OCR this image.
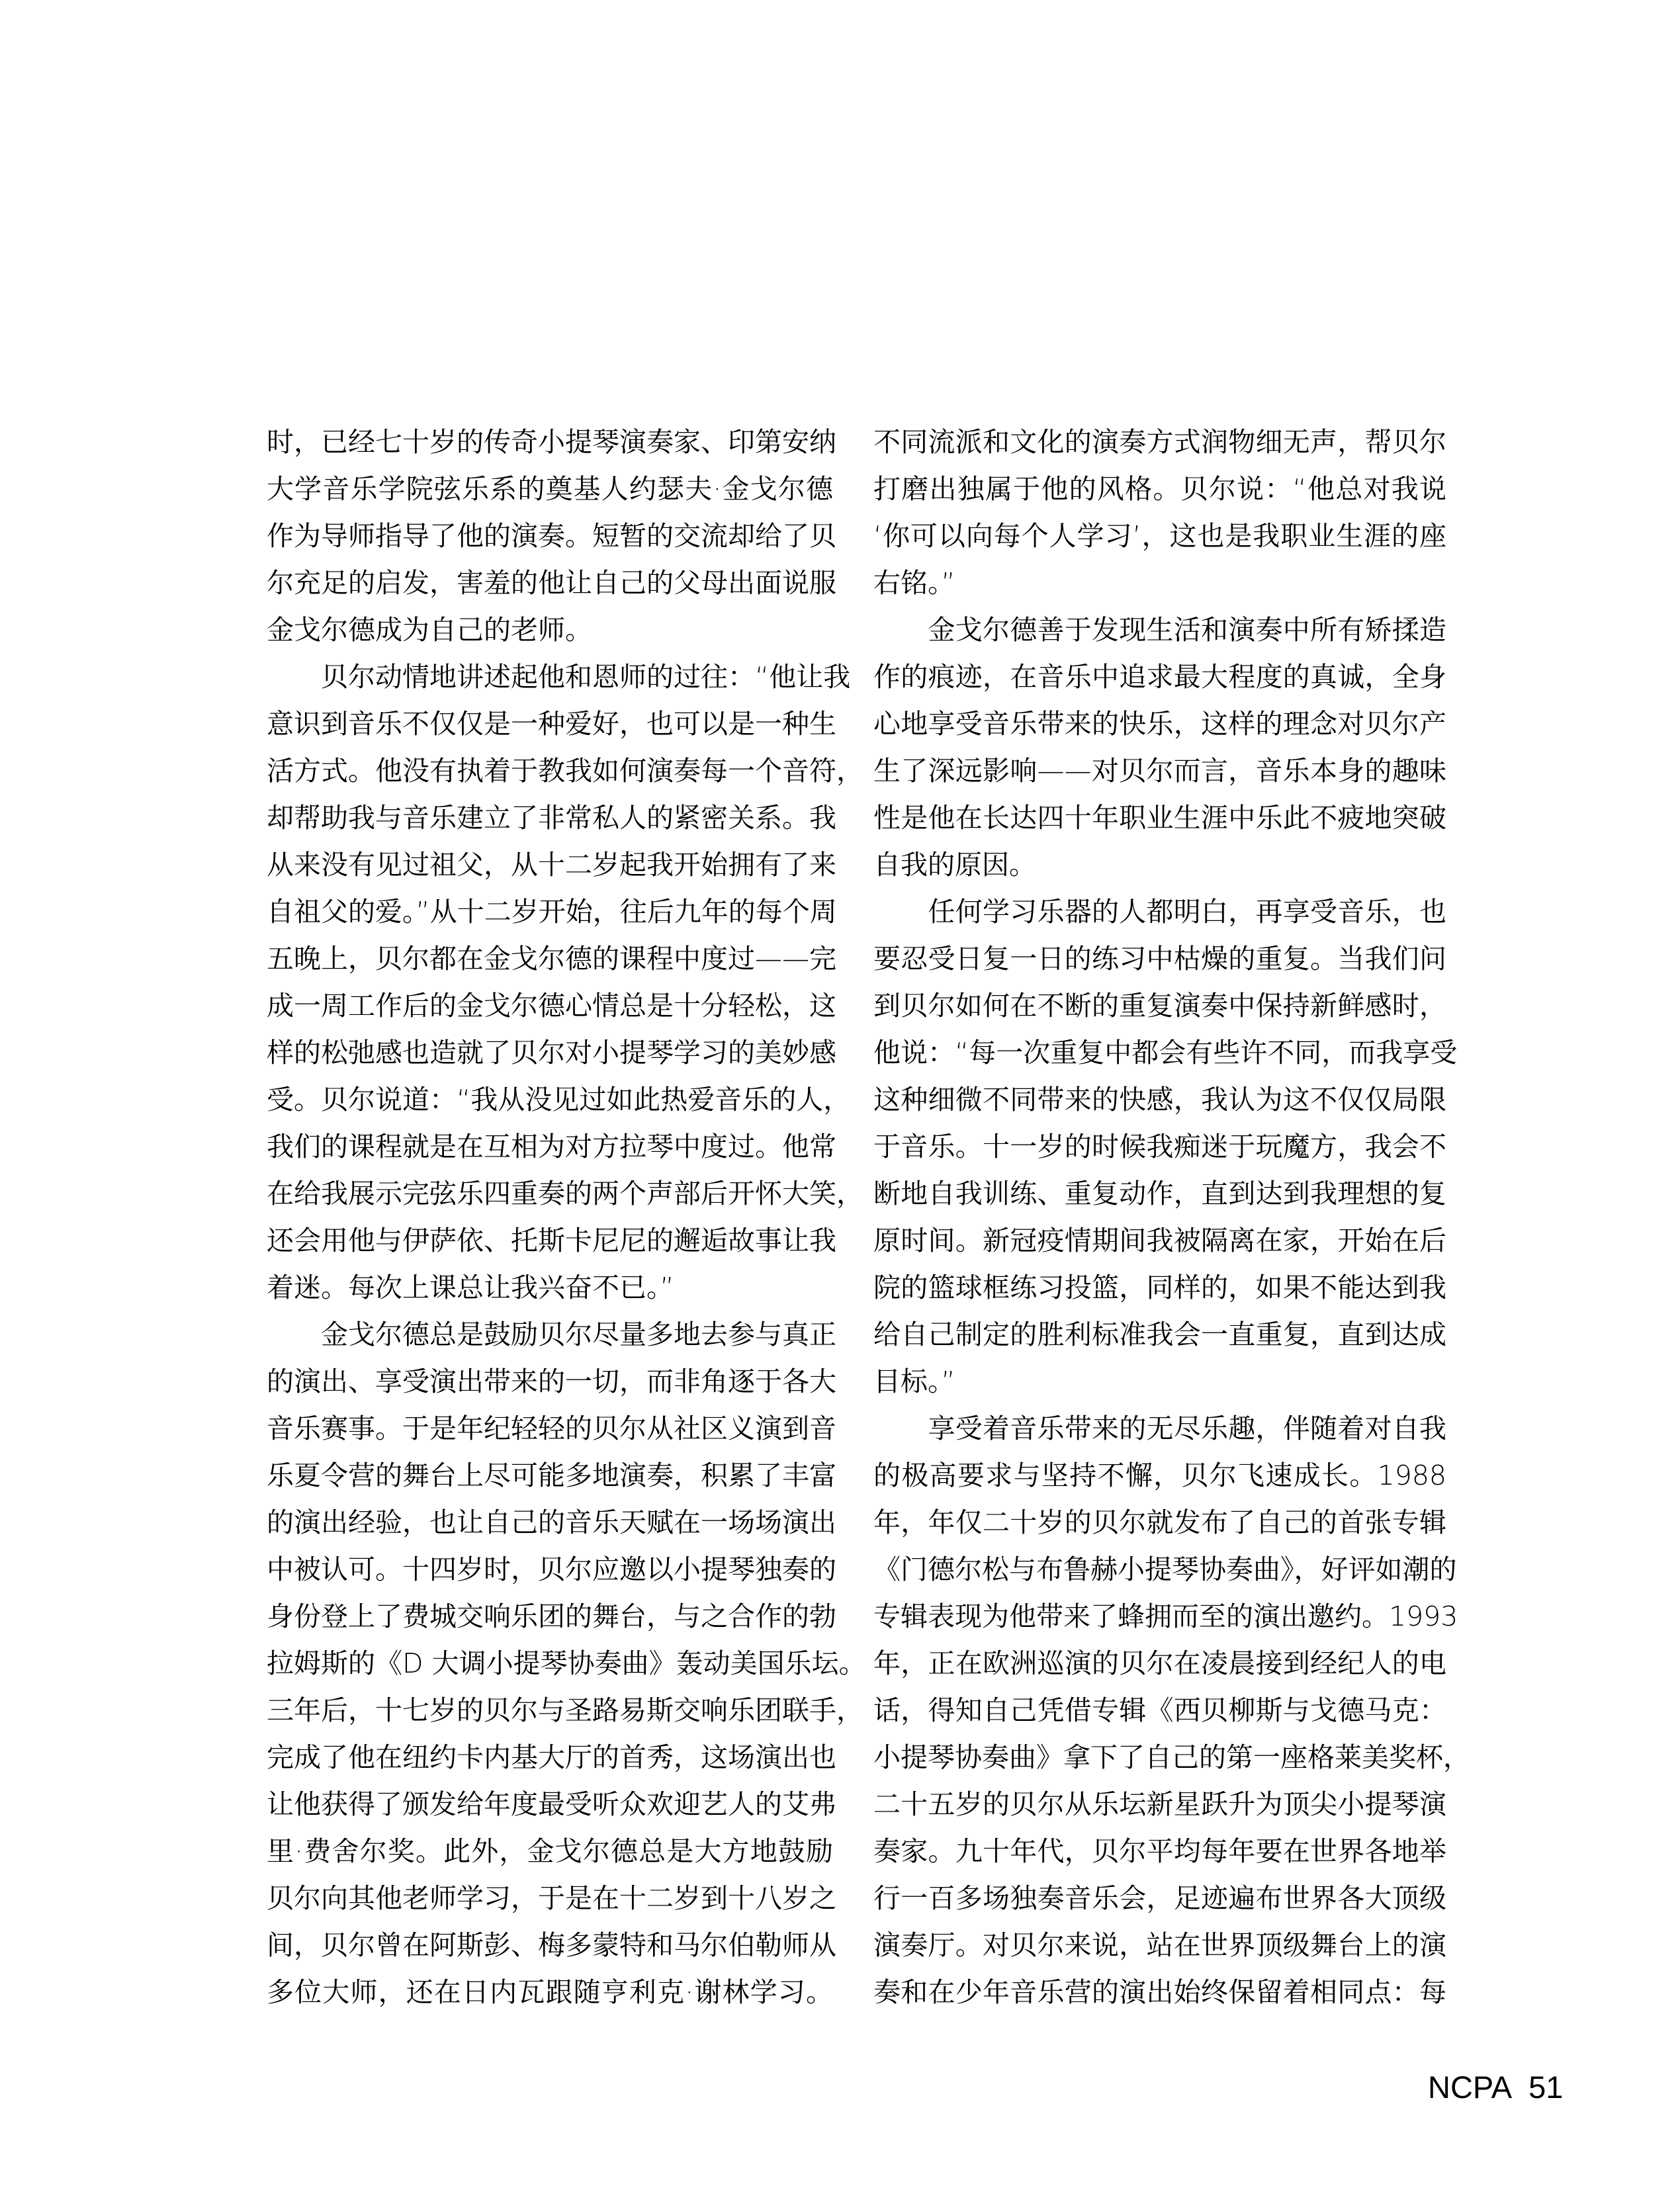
时，已经七十岁的传奇小提琴演奏家、印第安纳
大学音乐学院弦乐系的奠基人约瑟夫·金戈尔德
作为导师指导了他的演奏。短暂的交流却给了贝
尔充足的启发，害羞的他让自己的父母出面说服
金戈尔德成为自己的老师。
　　贝尔动情地讲述起他和恩师的过往：“他让我
意识到音乐不仅仅是一种爱好，也可以是一种生
活方式。他没有执着于教我如何演奏每一个音符，
却帮助我与音乐建立了非常私人的紧密关系。我
从来没有见过祖父，从十二岁起我开始拥有了来
自祖父的爱。”从十二岁开始，往后九年的每个周
五晚上，贝尔都在金戈尔德的课程中度过——完
成一周工作后的金戈尔德心情总是十分轻松，这
样的松弛感也造就了贝尔对小提琴学习的美妙感
受。贝尔说道：“我从没见过如此热爱音乐的人，
我们的课程就是在互相为对方拉琴中度过。他常
在给我展示完弦乐四重奏的两个声部后开怀大笑，
还会用他与伊萨依、托斯卡尼尼的邂逅故事让我
着迷。每次上课总让我兴奋不已。”
　　金戈尔德总是鼓励贝尔尽量多地去参与真正
的演出、享受演出带来的一切，而非角逐于各大
音乐赛事。于是年纪轻轻的贝尔从社区义演到音
乐夏令营的舞台上尽可能多地演奏，积累了丰富
的演出经验，也让自己的音乐天赋在一场场演出
中被认可。十四岁时，贝尔应邀以小提琴独奏的
身份登上了费城交响乐团的舞台，与之合作的勃
拉姆斯的《D 大调小提琴协奏曲》轰动美国乐坛。
三年后，十七岁的贝尔与圣路易斯交响乐团联手，
完成了他在纽约卡内基大厅的首秀，这场演出也
让他获得了颁发给年度最受听众欢迎艺人的艾弗
里·费舍尔奖。此外，金戈尔德总是大方地鼓励
贝尔向其他老师学习，于是在十二岁到十八岁之
间，贝尔曾在阿斯彭、梅多蒙特和马尔伯勒师从
多位大师，还在日内瓦跟随亨利克·谢林学习。
不同流派和文化的演奏方式润物细无声，帮贝尔
打磨出独属于他的风格。贝尔说：“他总对我说
‘你可以向每个人学习’，这也是我职业生涯的座
右铭。”
　　金戈尔德善于发现生活和演奏中所有矫揉造
作的痕迹，在音乐中追求最大程度的真诚，全身
心地享受音乐带来的快乐，这样的理念对贝尔产
生了深远影响——对贝尔而言，音乐本身的趣味
性是他在长达四十年职业生涯中乐此不疲地突破
自我的原因。
　　任何学习乐器的人都明白，再享受音乐，也
要忍受日复一日的练习中枯燥的重复。当我们问
到贝尔如何在不断的重复演奏中保持新鲜感时，
他说：“每一次重复中都会有些许不同，而我享受
这种细微不同带来的快感，我认为这不仅仅局限
于音乐。十一岁的时候我痴迷于玩魔方，我会不
断地自我训练、重复动作，直到达到我理想的复
原时间。新冠疫情期间我被隔离在家，开始在后
院的篮球框练习投篮，同样的，如果不能达到我
给自己制定的胜利标准我会一直重复，直到达成
目标。”
　　享受着音乐带来的无尽乐趣，伴随着对自我
的极高要求与坚持不懈，贝尔飞速成长。1988
年，年仅二十岁的贝尔就发布了自己的首张专辑
《门德尔松与布鲁赫小提琴协奏曲》，好评如潮的
专辑表现为他带来了蜂拥而至的演出邀约。1993
年，正在欧洲巡演的贝尔在凌晨接到经纪人的电
话，得知自己凭借专辑《西贝柳斯与戈德马克：
小提琴协奏曲》拿下了自己的第一座格莱美奖杯，
二十五岁的贝尔从乐坛新星跃升为顶尖小提琴演
奏家。九十年代，贝尔平均每年要在世界各地举
行一百多场独奏音乐会，足迹遍布世界各大顶级
演奏厅。对贝尔来说，站在世界顶级舞台上的演
奏和在少年音乐营的演出始终保留着相同点：每
NCPA 51
